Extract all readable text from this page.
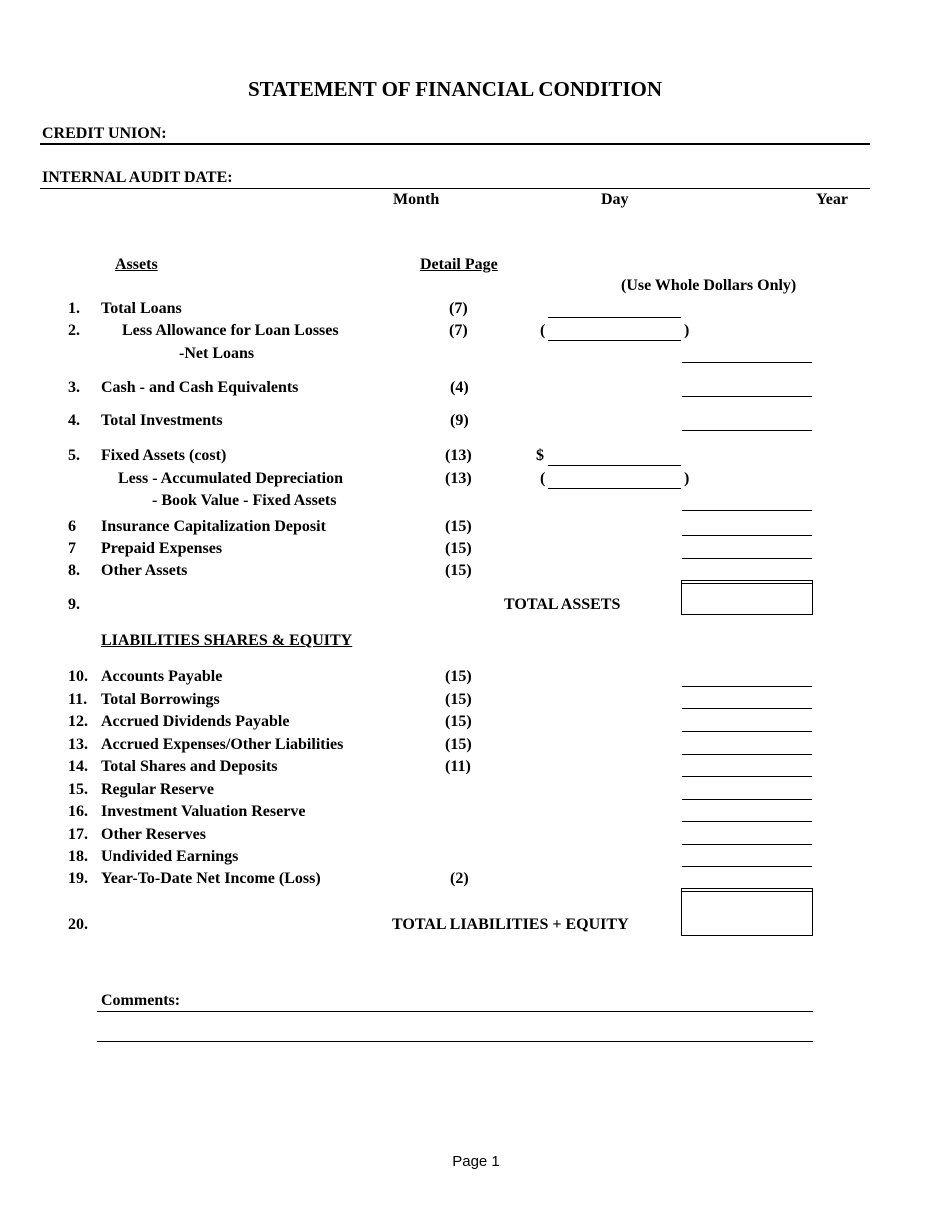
STATEMENT OF FINANCIAL CONDITION
CREDIT UNION:
INTERNAL AUDIT DATE:
Month	Day	Year
Assets	Detail Page
(Use Whole Dollars Only)
1. Total Loans	(7)
2.	Less Allowance for Loan Losses	(7)	(	)
-Net Loans
3. Cash - and Cash Equivalents	(4)
4. Total Investments	(9)
5. Fixed Assets (cost)	(13)	$
Less - Accumulated Depreciation	(13)	(	)
- Book Value - Fixed Assets
6 Insurance Capitalization Deposit	(15)
7 Prepaid Expenses	(15)
8. Other Assets	(15)
9.	TOTAL ASSETS
LIABILITIES SHARES & EQUITY
10. Accounts Payable	(15)
11. Total Borrowings	(15)
12. Accrued Dividends Payable	(15)
13. Accrued Expenses/Other Liabilities	(15)
14. Total Shares and Deposits	(11)
15. Regular Reserve
16. Investment Valuation Reserve
17. Other Reserves
18. Undivided Earnings
19. Year-To-Date Net Income (Loss)	(2)
20.	TOTAL LIABILITIES + EQUITY
Comments:
Page 1
